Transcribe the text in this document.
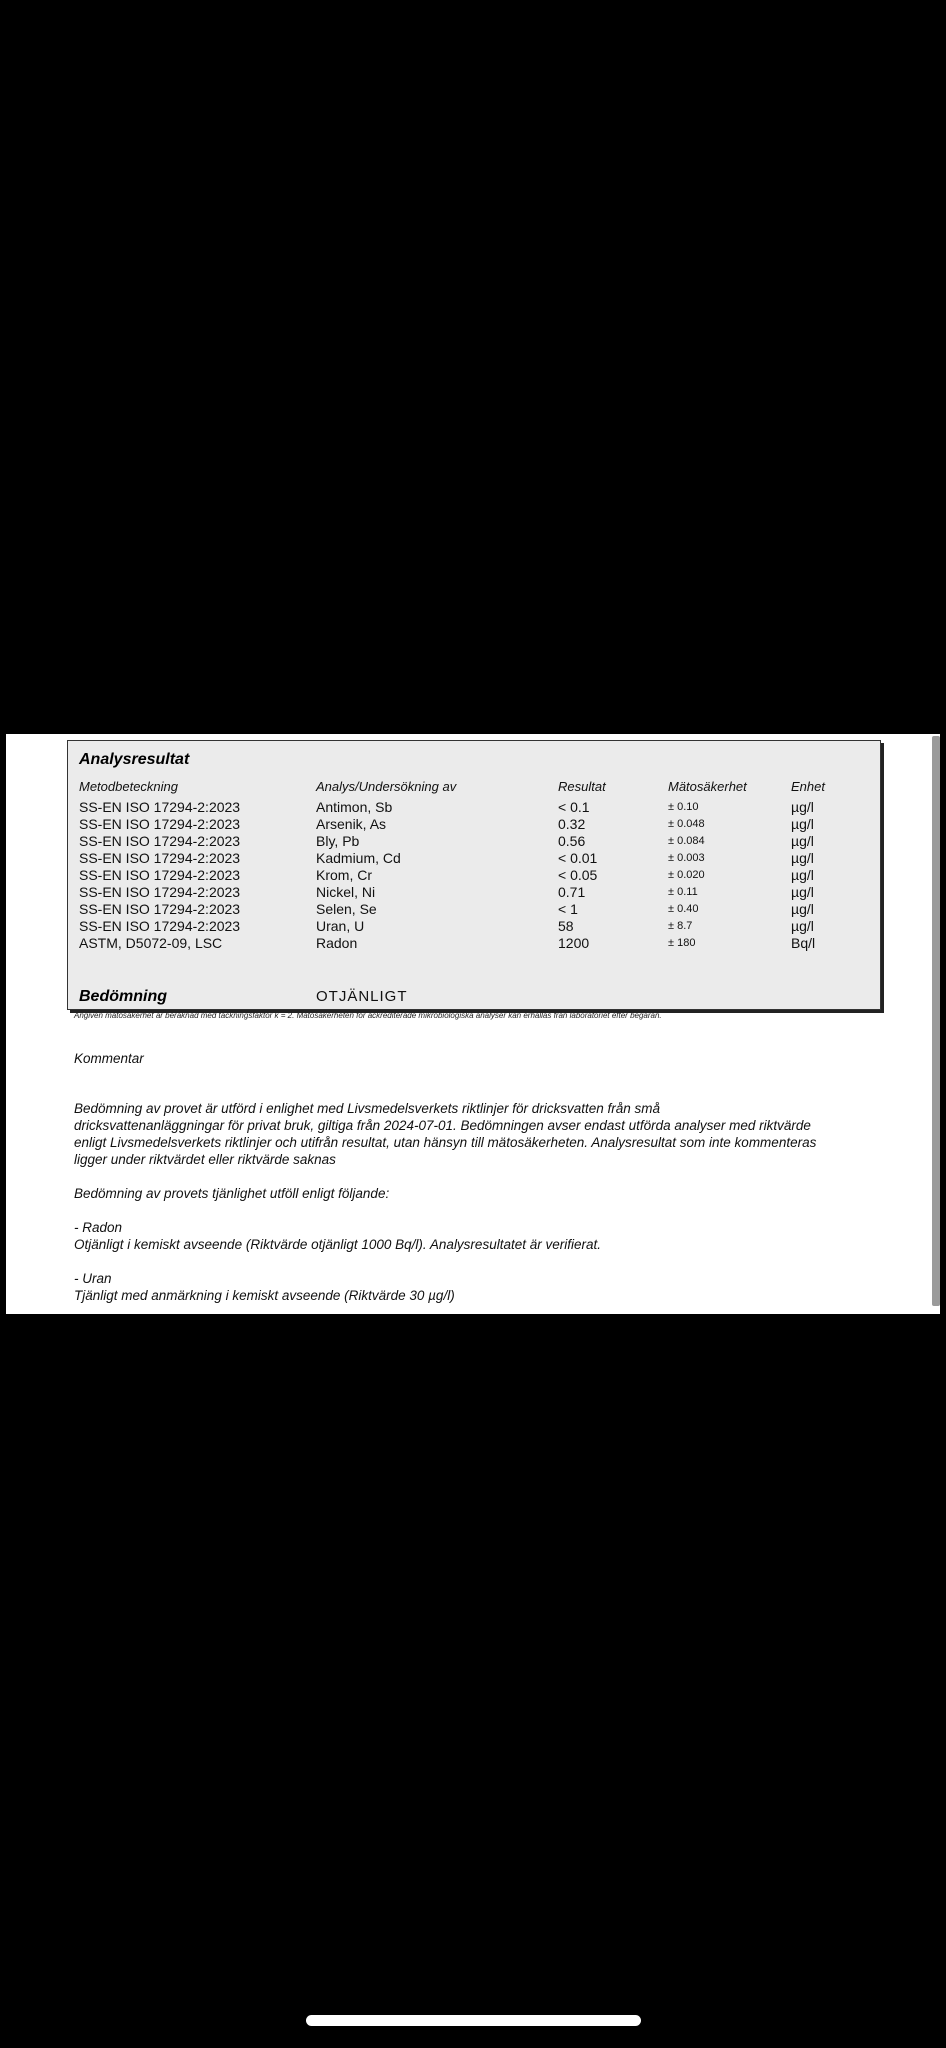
Analysresultat
Metodbeteckning	Analys/Undersökning av	Resultat	Mätosäkerhet	Enhet
SS-EN ISO 17294-2:2023	Antimon, Sb	< 0.1	± 0.10	µg/l
SS-EN ISO 17294-2:2023	Arsenik, As	0.32	± 0.048	µg/l
SS-EN ISO 17294-2:2023	Bly, Pb	0.56	± 0.084	µg/l
SS-EN ISO 17294-2:2023	Kadmium, Cd	< 0.01	± 0.003	µg/l
SS-EN ISO 17294-2:2023	Krom, Cr	< 0.05	± 0.020	µg/l
SS-EN ISO 17294-2:2023	Nickel, Ni	0.71	± 0.11	µg/l
SS-EN ISO 17294-2:2023	Selen, Se	< 1	± 0.40	µg/l
SS-EN ISO 17294-2:2023	Uran, U	58	± 8.7	µg/l
ASTM, D5072-09, LSC	Radon	1200	± 180	Bq/l
Bedömning	OTJÄNLIGT
Angiven mätosäkerhet är beräknad med täckningsfaktor k = 2. Mätosäkerheten för ackrediterade mikrobiologiska analyser kan erhållas från laboratoriet efter begäran.
Kommentar
Bedömning av provet är utförd i enlighet med Livsmedelsverkets riktlinjer för dricksvatten från små
dricksvattenanläggningar för privat bruk, giltiga från 2024-07-01. Bedömningen avser endast utförda analyser med riktvärde
enligt Livsmedelsverkets riktlinjer och utifrån resultat, utan hänsyn till mätosäkerheten. Analysresultat som inte kommenteras
ligger under riktvärdet eller riktvärde saknas
Bedömning av provets tjänlighet utföll enligt följande:
- Radon
Otjänligt i kemiskt avseende (Riktvärde otjänligt 1000 Bq/l). Analysresultatet är verifierat.
- Uran
Tjänligt med anmärkning i kemiskt avseende (Riktvärde 30 µg/l)
